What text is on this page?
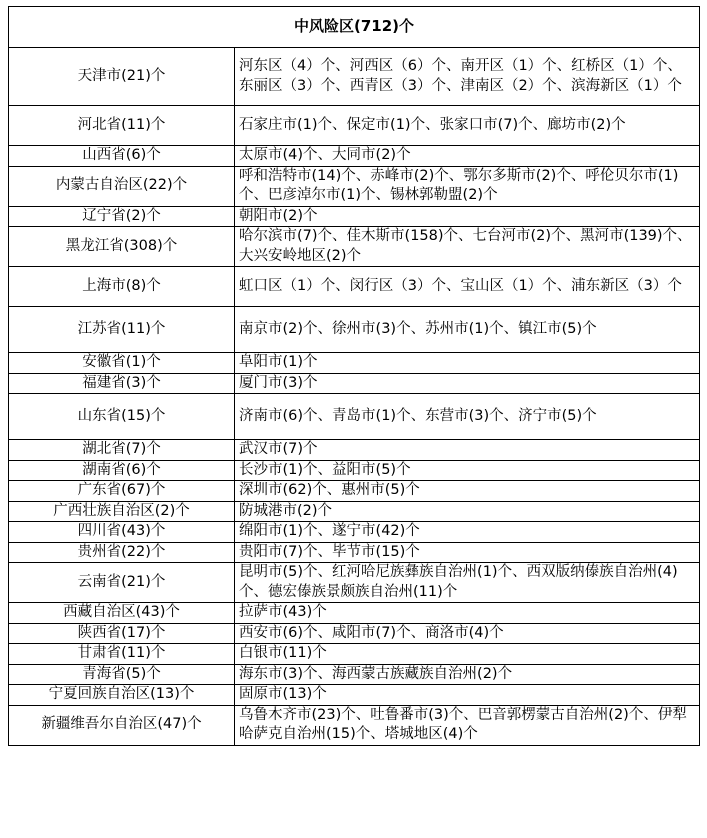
中风险区(712)个	
天津市(21)个	河东区（4）个、河西区（6）个、南开区（1）个、红桥区（1）个、东丽区（3）个、西青区（3）个、津南区（2）个、滨海新区（1）个
河北省(11)个	石家庄市(1)个、保定市(1)个、张家口市(7)个、廊坊市(2)个
山西省(6)个	太原市(4)个、大同市(2)个
内蒙古自治区(22)个	呼和浩特市(14)个、赤峰市(2)个、鄂尔多斯市(2)个、呼伦贝尔市(1)个、巴彦淖尔市(1)个、锡林郭勒盟(2)个
辽宁省(2)个	朝阳市(2)个
黑龙江省(308)个	哈尔滨市(7)个、佳木斯市(158)个、七台河市(2)个、黑河市(139)个、大兴安岭地区(2)个
上海市(8)个	虹口区（1）个、闵行区（3）个、宝山区（1）个、浦东新区（3）个
江苏省(11)个	南京市(2)个、徐州市(3)个、苏州市(1)个、镇江市(5)个
安徽省(1)个	阜阳市(1)个
福建省(3)个	厦门市(3)个
山东省(15)个	济南市(6)个、青岛市(1)个、东营市(3)个、济宁市(5)个
湖北省(7)个	武汉市(7)个
湖南省(6)个	长沙市(1)个、益阳市(5)个
广东省(67)个	深圳市(62)个、惠州市(5)个
广西壮族自治区(2)个	防城港市(2)个
四川省(43)个	绵阳市(1)个、遂宁市(42)个
贵州省(22)个	贵阳市(7)个、毕节市(15)个
云南省(21)个	昆明市(5)个、红河哈尼族彝族自治州(1)个、西双版纳傣族自治州(4)个、德宏傣族景颇族自治州(11)个
西藏自治区(43)个	拉萨市(43)个
陕西省(17)个	西安市(6)个、咸阳市(7)个、商洛市(4)个
甘肃省(11)个	白银市(11)个
青海省(5)个	海东市(3)个、海西蒙古族藏族自治州(2)个
宁夏回族自治区(13)个	固原市(13)个
新疆维吾尔自治区(47)个	乌鲁木齐市(23)个、吐鲁番市(3)个、巴音郭楞蒙古自治州(2)个、伊犁哈萨克自治州(15)个、塔城地区(4)个
